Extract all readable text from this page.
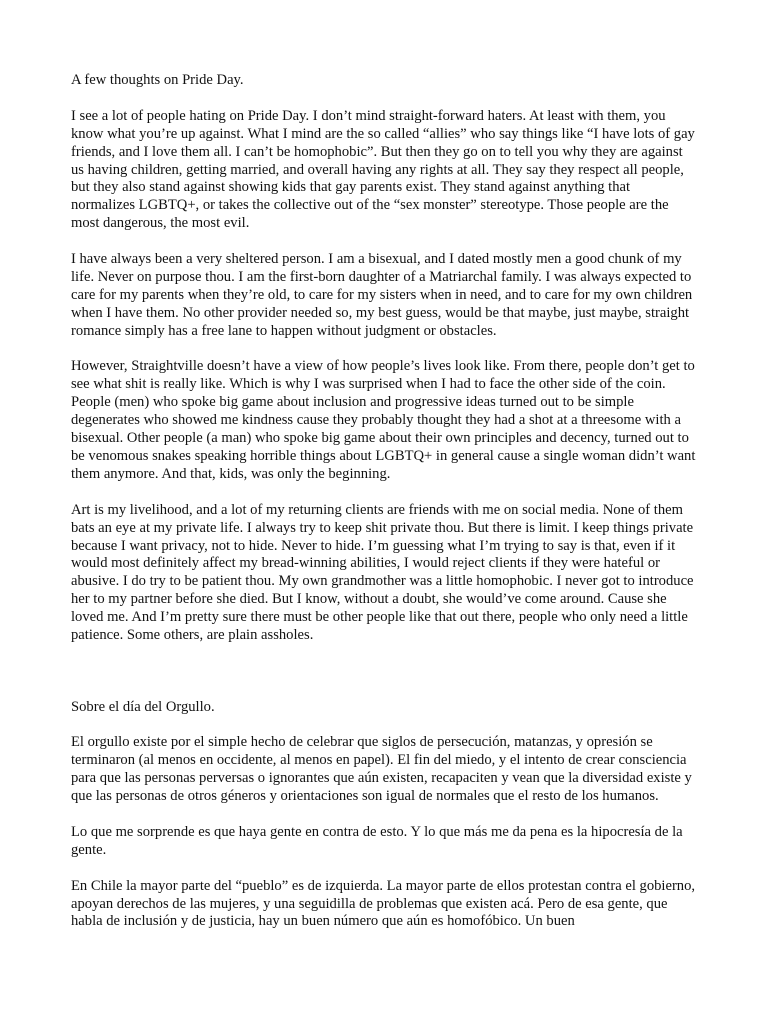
A few thoughts on Pride Day.

I see a lot of people hating on Pride Day. I don’t mind straight-forward haters. At least with them, you know what you’re up against. What I mind are the so called “allies” who say things like “I have lots of gay friends, and I love them all. I can’t be homophobic”. But then they go on to tell you why they are against us having children, getting married, and overall having any rights at all. They say they respect all people, but they also stand against showing kids that gay parents exist. They stand against anything that normalizes LGBTQ+, or takes the collective out of the “sex monster” stereotype. Those people are the most dangerous, the most evil.

I have always been a very sheltered person. I am a bisexual, and I dated mostly men a good chunk of my life. Never on purpose thou. I am the first-born daughter of a Matriarchal family. I was always expected to care for my parents when they’re old, to care for my sisters when in need, and to care for my own children when I have them. No other provider needed so, my best guess, would be that maybe, just maybe, straight romance simply has a free lane to happen without judgment or obstacles.

However, Straightville doesn’t have a view of how people’s lives look like. From there, people don’t get to see what shit is really like. Which is why I was surprised when I had to face the other side of the coin. People (men) who spoke big game about inclusion and progressive ideas turned out to be simple degenerates who showed me kindness cause they probably thought they had a shot at a threesome with a bisexual. Other people (a man) who spoke big game about their own principles and decency, turned out to be venomous snakes speaking horrible things about LGBTQ+ in general cause a single woman didn’t want them anymore. And that, kids, was only the beginning.

Art is my livelihood, and a lot of my returning clients are friends with me on social media. None of them bats an eye at my private life. I always try to keep shit private thou. But there is limit. I keep things private because I want privacy, not to hide. Never to hide. I’m guessing what I’m trying to say is that, even if it would most definitely affect my bread-winning abilities, I would reject clients if they were hateful or abusive. I do try to be patient thou. My own grandmother was a little homophobic. I never got to introduce her to my partner before she died. But I know, without a doubt, she would’ve come around. Cause she loved me. And I’m pretty sure there must be other people like that out there, people who only need a little patience. Some others, are plain assholes.

Sobre el día del Orgullo.

El orgullo existe por el simple hecho de celebrar que siglos de persecución, matanzas, y opresión se terminaron (al menos en occidente, al menos en papel). El fin del miedo, y el intento de crear consciencia para que las personas perversas o ignorantes que aún existen, recapaciten y vean que la diversidad existe y que las personas de otros géneros y orientaciones son igual de normales que el resto de los humanos.

Lo que me sorprende es que haya gente en contra de esto. Y lo que más me da pena es la hipocresía de la gente.

En Chile la mayor parte del “pueblo” es de izquierda. La mayor parte de ellos protestan contra el gobierno, apoyan derechos de las mujeres, y una seguidilla de problemas que existen acá. Pero de esa gente, que habla de inclusión y de justicia, hay un buen número que aún es homofóbico. Un buen
